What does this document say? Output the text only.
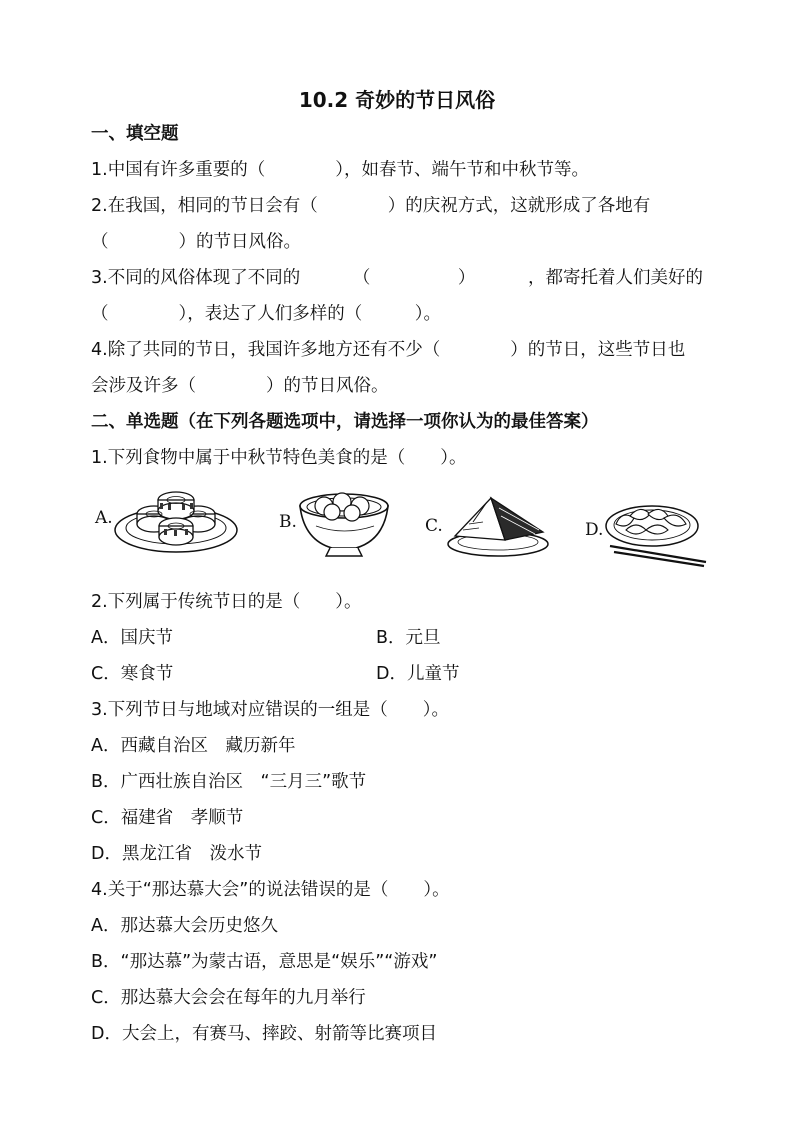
10.2 奇妙的节日风俗
一、填空题
1.中国有许多重要的（　　　　），如春节、端午节和中秋节等。
2.在我国，相同的节日会有（　　　　）的庆祝方式，这就形成了各地有
（　　　　）的节日风俗。
3.不同的风俗体现了不同的	（　　　　　）	，都寄托着人们美好的
（　　　　），表达了人们多样的（　　　）。
4.除了共同的节日，我国许多地方还有不少（　　　　）的节日，这些节日也
会涉及许多（　　　　）的节日风俗。
二、单选题（在下列各题选项中，请选择一项你认为的最佳答案）
1.下列食物中属于中秋节特色美食的是（　　）。
A.	B.	C.	D.
2.下列属于传统节日的是（　　）。
A．国庆节	B．元旦
C．寒食节	D．儿童节
3.下列节日与地域对应错误的一组是（　　）。
A．西藏自治区　藏历新年
B．广西壮族自治区　“三月三”歌节
C．福建省　孝顺节
D．黑龙江省　泼水节
4.关于“那达慕大会”的说法错误的是（　　）。
A．那达慕大会历史悠久
B．“那达慕”为蒙古语，意思是“娱乐”“游戏”
C．那达慕大会会在每年的九月举行
D．大会上，有赛马、摔跤、射箭等比赛项目
